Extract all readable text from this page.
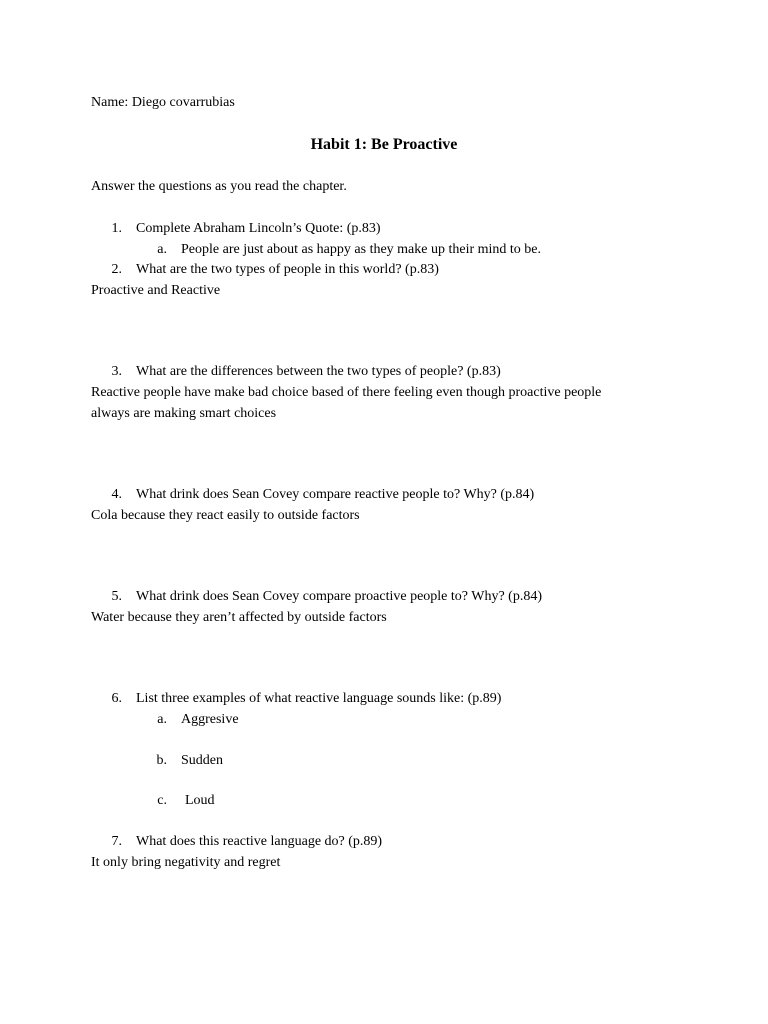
Name: Diego covarrubias
Habit 1: Be Proactive
Answer the questions as you read the chapter.
1. Complete Abraham Lincoln’s Quote: (p.83)
a. People are just about as happy as they make up their mind to be.
2. What are the two types of people in this world? (p.83)
Proactive and Reactive
3. What are the differences between the two types of people? (p.83)
Reactive people have make bad choice based of there feeling even though proactive people
always are making smart choices
4. What drink does Sean Covey compare reactive people to? Why? (p.84)
Cola because they react easily to outside factors
5. What drink does Sean Covey compare proactive people to? Why? (p.84)
Water because they aren’t affected by outside factors
6. List three examples of what reactive language sounds like: (p.89)
a. Aggresive
b. Sudden
c. Loud
7. What does this reactive language do? (p.89)
It only bring negativity and regret
